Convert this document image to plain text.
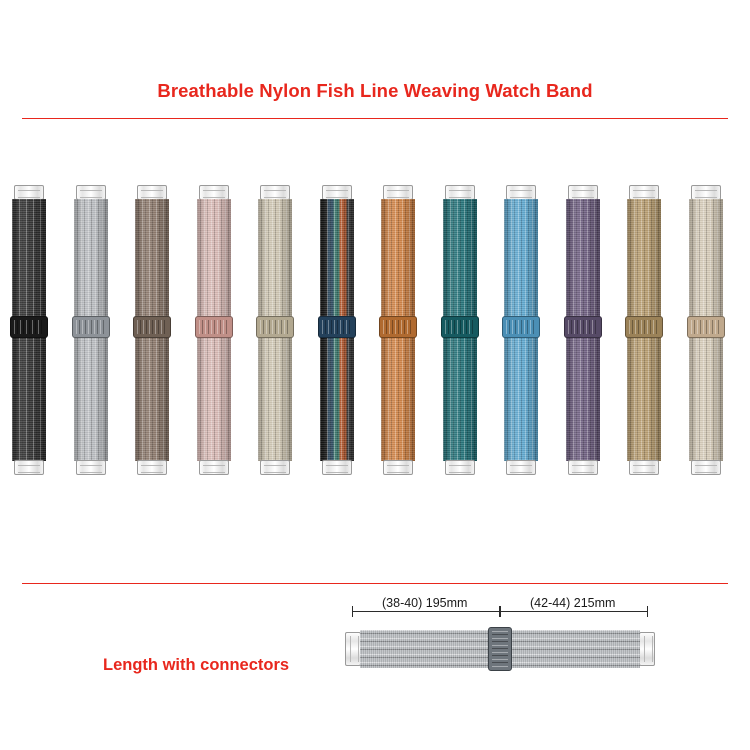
Breathable Nylon Fish Line Weaving Watch Band
(38-40) 195mm	(42-44) 215mm
Length with connectors
